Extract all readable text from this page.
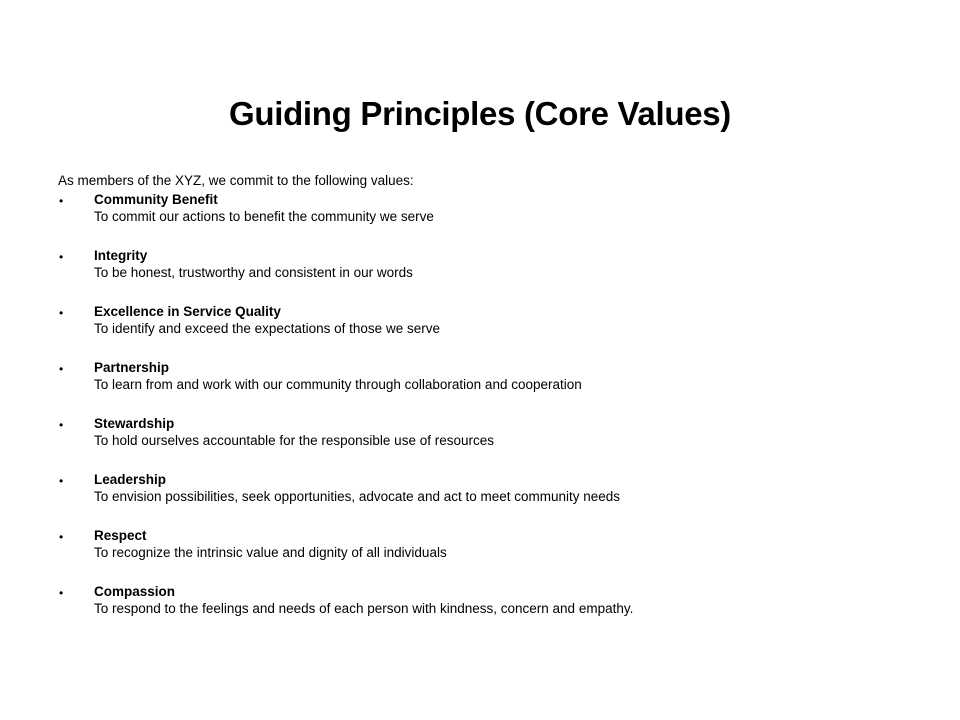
Guiding Principles (Core Values)

As members of the XYZ, we commit to the following values:

•	Community Benefit
To commit our actions to benefit the community we serve
•	Integrity
To be honest, trustworthy and consistent in our words
•	Excellence in Service Quality
To identify and exceed the expectations of those we serve
•	Partnership
To learn from and work with our community through collaboration and cooperation
•	Stewardship
To hold ourselves accountable for the responsible use of resources
•	Leadership
To envision possibilities, seek opportunities, advocate and act to meet community needs
•	Respect
To recognize the intrinsic value and dignity of all individuals
•	Compassion
To respond to the feelings and needs of each person with kindness, concern and empathy.
